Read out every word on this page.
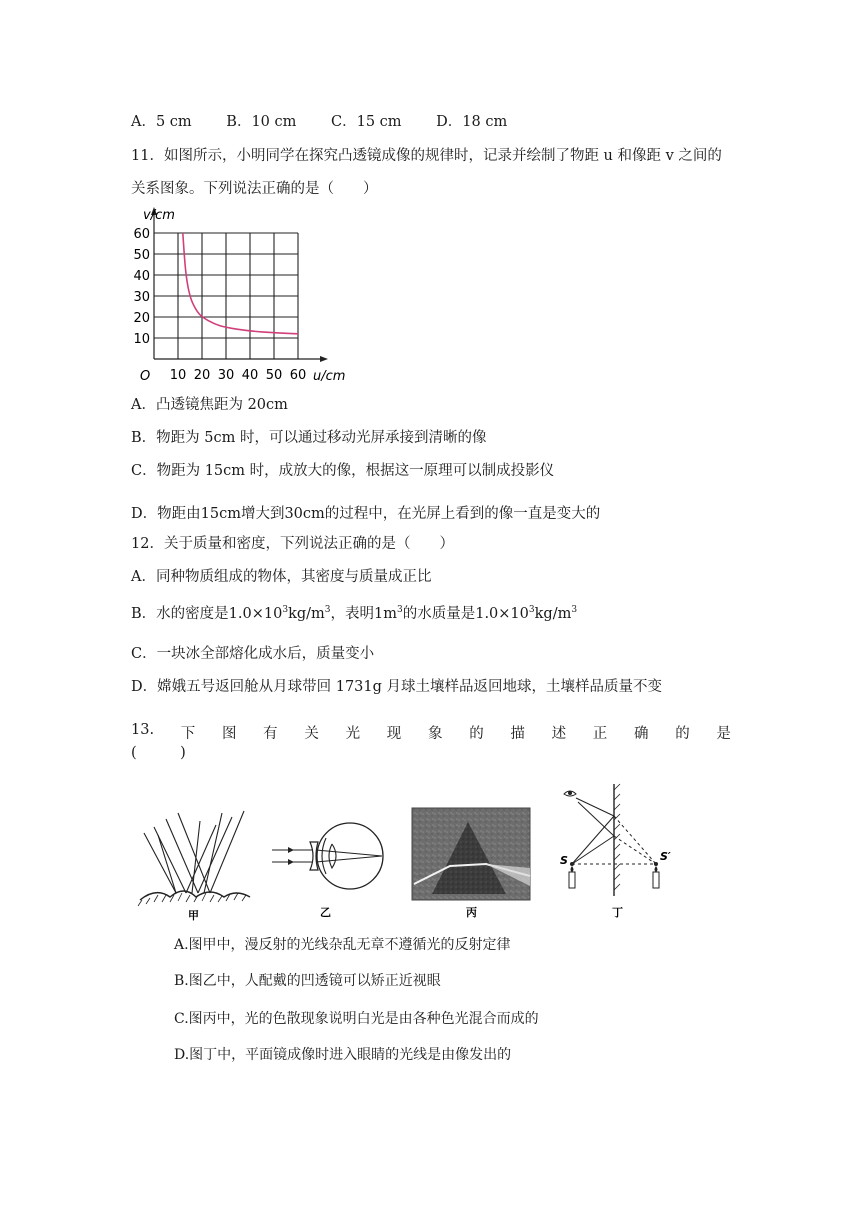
A．5 cm B．10 cm C．15 cm D．18 cm
11．如图所示，小明同学在探究凸透镜成像的规律时，记录并绘制了物距 u 和像距 v 之间的
关系图象。下列说法正确的是（　　）
10 20 30 40 50 60
10
20
30
40
50
60
v/cm
u/cm
O
A．凸透镜焦距为 20cm
B．物距为 5cm 时，可以通过移动光屏承接到清晰的像
C．物距为 15cm 时，成放大的像，根据这一原理可以制成投影仪
D．物距由15cm增大到30cm的过程中，在光屏上看到的像一直是变大的
12．关于质量和密度，下列说法正确的是（　　）
A．同种物质组成的物体，其密度与质量成正比
B．水的密度是$1.0\times 10^3kg/m^3$，表明$1m^3$的水质量是$1.0\times 10^3kg/m^3$
C．一块冰全部熔化成水后，质量变小
D．嫦娥五号返回舱从月球带回 1731g 月球土壤样品返回地球，土壤样品质量不变
13. 下 图 有 关 光 现 象 的 描 述 正 确 的 是
(　　　)
甲	乙	丙
S	S′
丁
A.图甲中，漫反射的光线杂乱无章不遵循光的反射定律
B.图乙中，人配戴的凹透镜可以矫正近视眼
C.图丙中，光的色散现象说明白光是由各种色光混合而成的
D.图丁中，平面镜成像时进入眼睛的光线是由像发出的
